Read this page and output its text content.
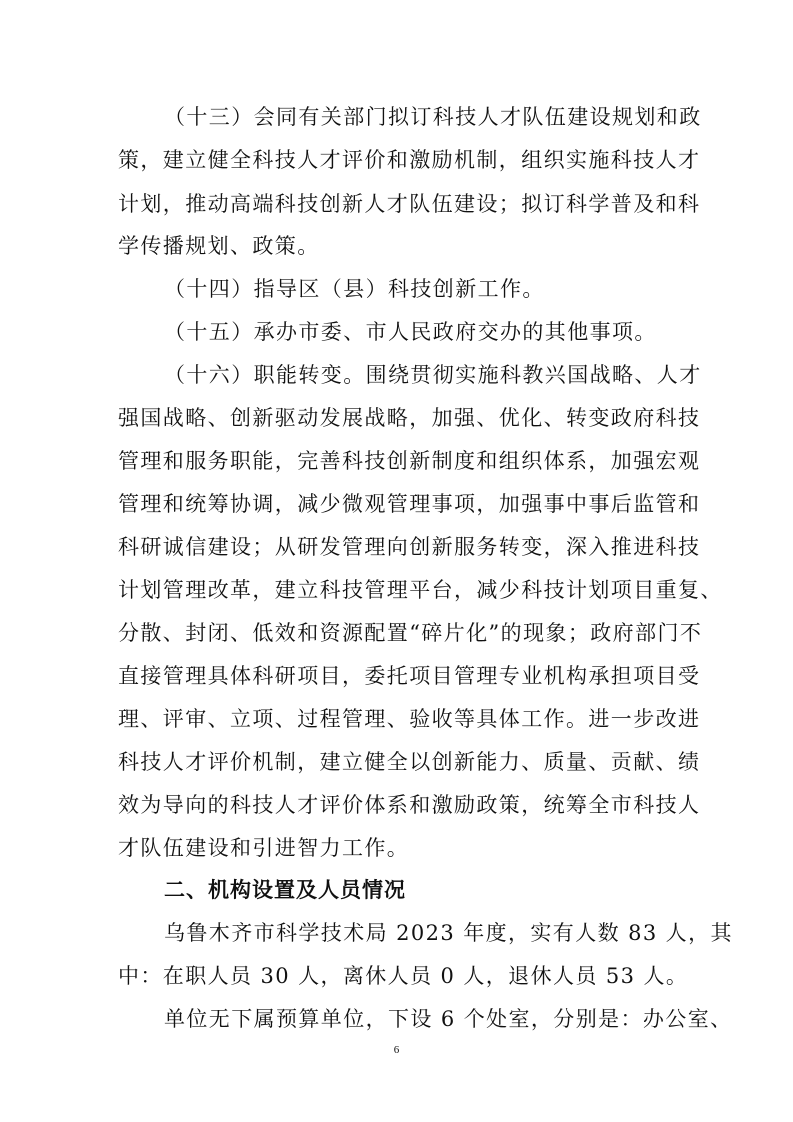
（十三）会同有关部门拟订科技人才队伍建设规划和政
策，建立健全科技人才评价和激励机制，组织实施科技人才
计划，推动高端科技创新人才队伍建设；拟订科学普及和科
学传播规划、政策。
（十四）指导区（县）科技创新工作。
（十五）承办市委、市人民政府交办的其他事项。
（十六）职能转变。围绕贯彻实施科教兴国战略、人才
强国战略、创新驱动发展战略，加强、优化、转变政府科技
管理和服务职能，完善科技创新制度和组织体系，加强宏观
管理和统筹协调，减少微观管理事项，加强事中事后监管和
科研诚信建设；从研发管理向创新服务转变，深入推进科技
计划管理改革，建立科技管理平台，减少科技计划项目重复、
分散、封闭、低效和资源配置“碎片化”的现象；政府部门不
直接管理具体科研项目，委托项目管理专业机构承担项目受
理、评审、立项、过程管理、验收等具体工作。进一步改进
科技人才评价机制，建立健全以创新能力、质量、贡献、绩
效为导向的科技人才评价体系和激励政策，统筹全市科技人
才队伍建设和引进智力工作。
二、机构设置及人员情况
乌鲁木齐市科学技术局 2023 年度，实有人数 83 人，其
中：在职人员 30 人，离休人员 0 人，退休人员 53 人。
单位无下属预算单位，下设 6 个处室，分别是：办公室、
6
